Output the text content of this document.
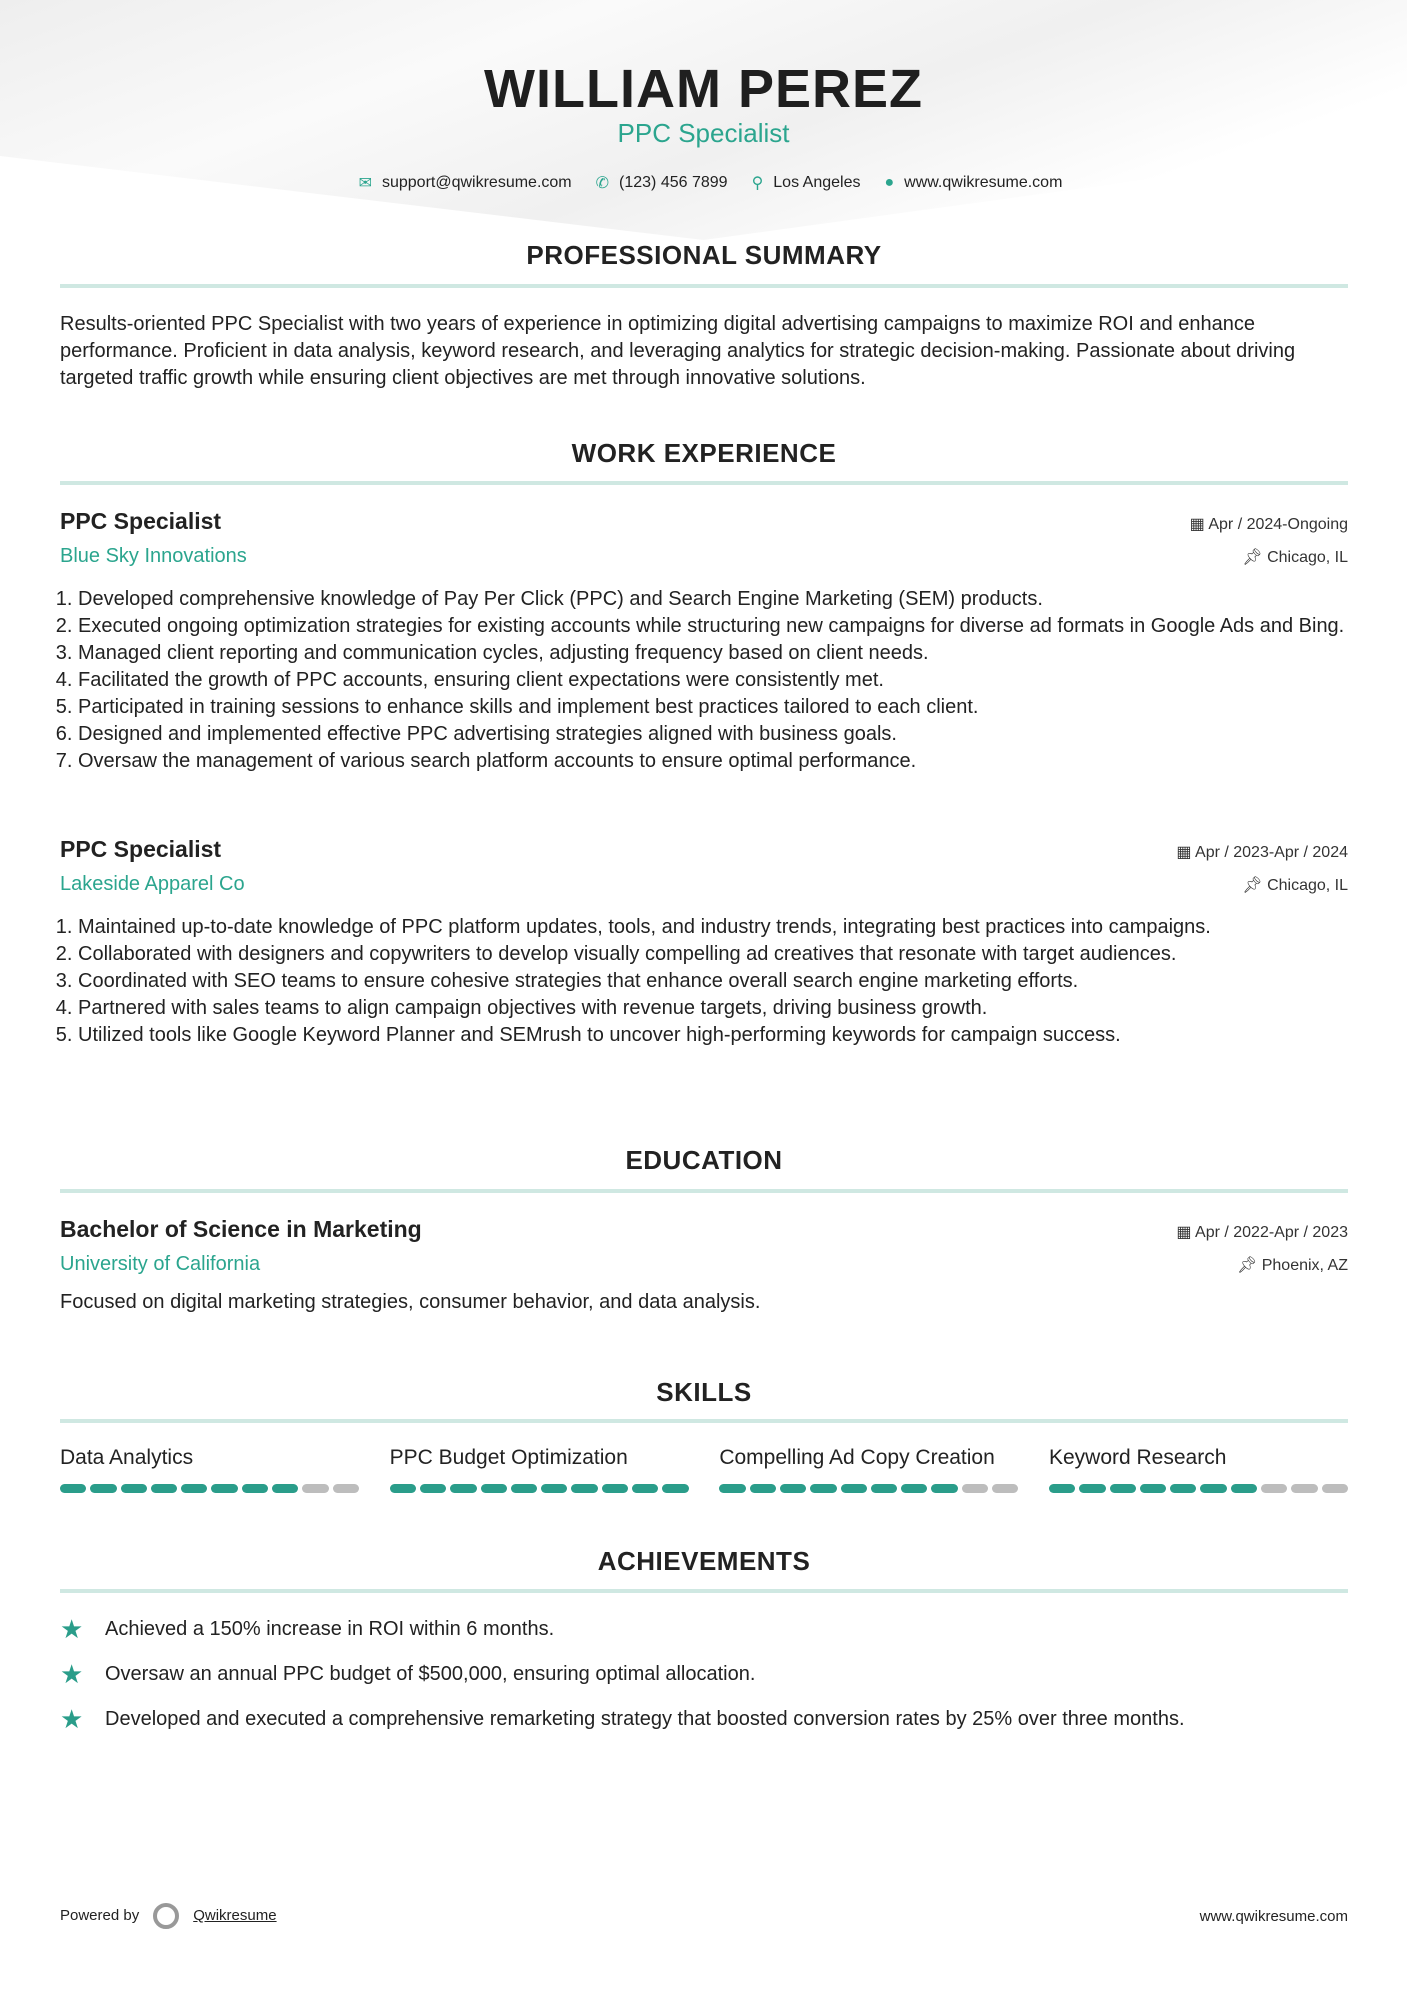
WILLIAM PEREZ
PPC Specialist
✉ support@qwikresume.com ✆ (123) 456 7899 ⚲ Los Angeles ● www.qwikresume.com
PROFESSIONAL SUMMARY
Results-oriented PPC Specialist with two years of experience in optimizing digital advertising campaigns to maximize ROI and enhance performance. Proficient in data analysis, keyword research, and leveraging analytics for strategic decision-making. Passionate about driving targeted traffic growth while ensuring client objectives are met through innovative solutions.
WORK EXPERIENCE
PPC Specialist	▦ Apr / 2024-Ongoing
Blue Sky Innovations	📌︎ Chicago, IL
1. Developed comprehensive knowledge of Pay Per Click (PPC) and Search Engine Marketing (SEM) products.
2. Executed ongoing optimization strategies for existing accounts while structuring new campaigns for diverse ad formats in Google Ads and Bing.
3. Managed client reporting and communication cycles, adjusting frequency based on client needs.
4. Facilitated the growth of PPC accounts, ensuring client expectations were consistently met.
5. Participated in training sessions to enhance skills and implement best practices tailored to each client.
6. Designed and implemented effective PPC advertising strategies aligned with business goals.
7. Oversaw the management of various search platform accounts to ensure optimal performance.
PPC Specialist	▦ Apr / 2023-Apr / 2024
Lakeside Apparel Co	📌︎ Chicago, IL
1. Maintained up-to-date knowledge of PPC platform updates, tools, and industry trends, integrating best practices into campaigns.
2. Collaborated with designers and copywriters to develop visually compelling ad creatives that resonate with target audiences.
3. Coordinated with SEO teams to ensure cohesive strategies that enhance overall search engine marketing efforts.
4. Partnered with sales teams to align campaign objectives with revenue targets, driving business growth.
5. Utilized tools like Google Keyword Planner and SEMrush to uncover high-performing keywords for campaign success.
EDUCATION
Bachelor of Science in Marketing	▦ Apr / 2022-Apr / 2023
University of California	📌︎ Phoenix, AZ
Focused on digital marketing strategies, consumer behavior, and data analysis.
SKILLS
Data Analytics	PPC Budget Optimization	Compelling Ad Copy Creation	Keyword Research
ACHIEVEMENTS
★	Achieved a 150% increase in ROI within 6 months.
★	Oversaw an annual PPC budget of $500,000, ensuring optimal allocation.
★	Developed and executed a comprehensive remarketing strategy that boosted conversion rates by 25% over three months.
Powered by	Qwikresume	www.qwikresume.com
